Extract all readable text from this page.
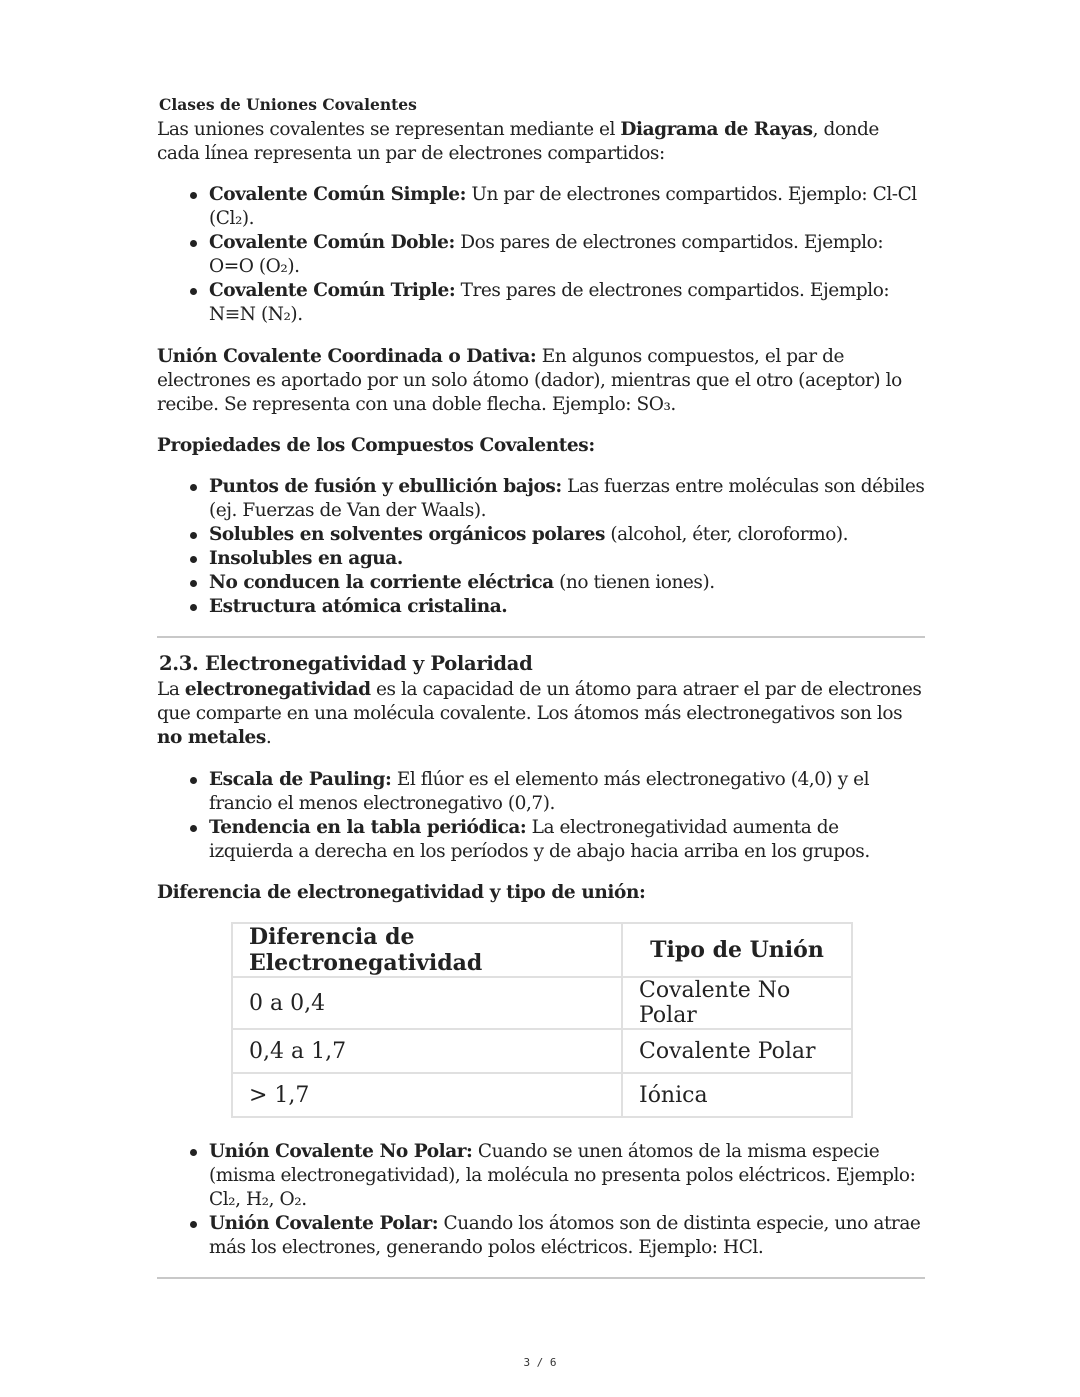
Clases de Uniones Covalentes

Las uniones covalentes se representan mediante el Diagrama de Rayas, donde cada línea representa un par de electrones compartidos:

Covalente Común Simple: Un par de electrones compartidos. Ejemplo: Cl-Cl (Cl₂).
Covalente Común Doble: Dos pares de electrones compartidos. Ejemplo: O=O (O₂).
Covalente Común Triple: Tres pares de electrones compartidos. Ejemplo: N≡N (N₂).

Unión Covalente Coordinada o Dativa: En algunos compuestos, el par de electrones es aportado por un solo átomo (dador), mientras que el otro (aceptor) lo recibe. Se representa con una doble flecha. Ejemplo: SO₃.

Propiedades de los Compuestos Covalentes:

Puntos de fusión y ebullición bajos: Las fuerzas entre moléculas son débiles (ej. Fuerzas de Van der Waals).
Solubles en solventes orgánicos polares (alcohol, éter, cloroformo).
Insolubles en agua.
No conducen la corriente eléctrica (no tienen iones).
Estructura atómica cristalina.
2.3. Electronegatividad y Polaridad

La electronegatividad es la capacidad de un átomo para atraer el par de electrones que comparte en una molécula covalente. Los átomos más electronegativos son los no metales.

Escala de Pauling: El flúor es el elemento más electronegativo (4,0) y el francio el menos electronegativo (0,7).
Tendencia en la tabla periódica: La electronegatividad aumenta de izquierda a derecha en los períodos y de abajo hacia arriba en los grupos.

Diferencia de electronegatividad y tipo de unión:

Diferencia de Electronegatividad	Tipo de Unión
0 a 0,4	Covalente No Polar
0,4 a 1,7	Covalente Polar
> 1,7	Iónica
Unión Covalente No Polar: Cuando se unen átomos de la misma especie (misma electronegatividad), la molécula no presenta polos eléctricos. Ejemplo: Cl₂, H₂, O₂.
Unión Covalente Polar: Cuando los átomos son de distinta especie, uno atrae más los electrones, generando polos eléctricos. Ejemplo: HCl.
3 / 6
